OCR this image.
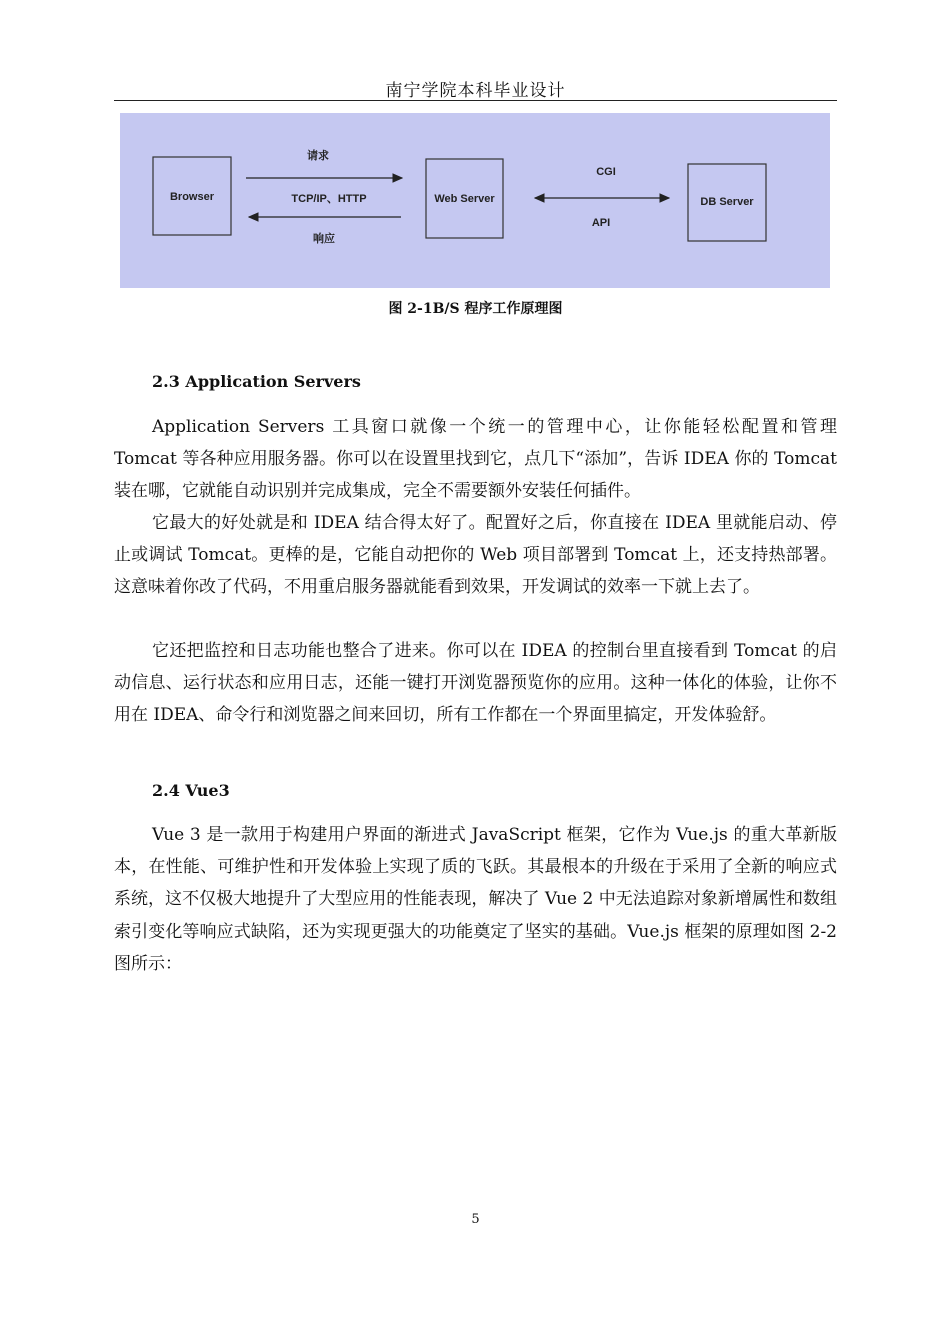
南宁学院本科毕业设计
Browser	Web Server	DB Server
请求
TCP/IP、HTTP
响应
CGI
API
图 2-1B/S 程序工作原理图
2.3 Application Servers
Application Servers 工具窗口就像一个统一的管理中心，让你能轻松配置和管理 Tomcat 等各种应用服务器。你可以在设置里找到它，点几下“添加”，告诉 IDEA 你的 Tomcat 装在哪，它就能自动识别并完成集成，完全不需要额外安装任何插件。
它最大的好处就是和 IDEA 结合得太好了。配置好之后，你直接在 IDEA 里就能启动、停止或调试 Tomcat。更棒的是，它能自动把你的 Web 项目部署到 Tomcat 上，还支持热部署。这意味着你改了代码，不用重启服务器就能看到效果，开发调试的效率一下就上去了。
它还把监控和日志功能也整合了进来。你可以在 IDEA 的控制台里直接看到 Tomcat 的启动信息、运行状态和应用日志，还能一键打开浏览器预览你的应用。这种一体化的体验，让你不用在 IDEA、命令行和浏览器之间来回切，所有工作都在一个界面里搞定，开发体验舒。
2.4 Vue3
Vue 3 是一款用于构建用户界面的渐进式 JavaScript 框架，它作为 Vue.js 的重大革新版本，在性能、可维护性和开发体验上实现了质的飞跃。其最根本的升级在于采用了全新的响应式系统，这不仅极大地提升了大型应用的性能表现，解决了 Vue 2 中无法追踪对象新增属性和数组索引变化等响应式缺陷，还为实现更强大的功能奠定了坚实的基础。Vue.js 框架的原理如图 2-2 图所示：
5
